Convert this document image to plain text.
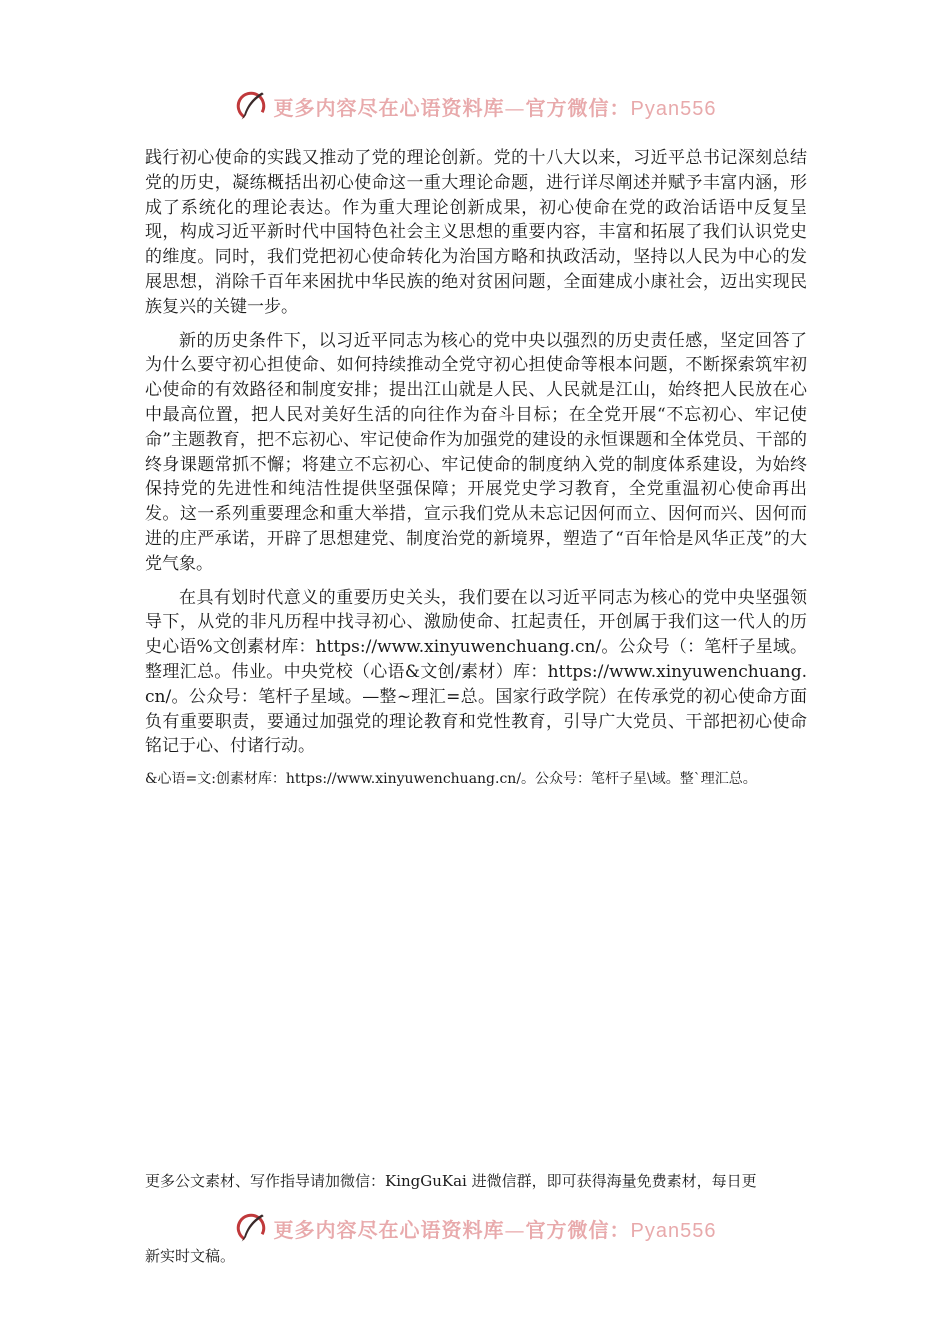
更多内容尽在心语资料库—官方微信：Pyan556

践行初心使命的实践又推动了党的理论创新。党的十八大以来，习近平总书记深刻总结党的历史，凝练概括出初心使命这一重大理论命题，进行详尽阐述并赋予丰富内涵，形成了系统化的理论表达。作为重大理论创新成果，初心使命在党的政治话语中反复呈现，构成习近平新时代中国特色社会主义思想的重要内容，丰富和拓展了我们认识党史的维度。同时，我们党把初心使命转化为治国方略和执政活动，坚持以人民为中心的发展思想，消除千百年来困扰中华民族的绝对贫困问题，全面建成小康社会，迈出实现民族复兴的关键一步。

新的历史条件下，以习近平同志为核心的党中央以强烈的历史责任感，坚定回答了为什么要守初心担使命、如何持续推动全党守初心担使命等根本问题，不断探索筑牢初心使命的有效路径和制度安排；提出江山就是人民、人民就是江山，始终把人民放在心中最高位置，把人民对美好生活的向往作为奋斗目标；在全党开展“不忘初心、牢记使命”主题教育，把不忘初心、牢记使命作为加强党的建设的永恒课题和全体党员、干部的终身课题常抓不懈；将建立不忘初心、牢记使命的制度纳入党的制度体系建设，为始终保持党的先进性和纯洁性提供坚强保障；开展党史学习教育，全党重温初心使命再出发。这一系列重要理念和重大举措，宣示我们党从未忘记因何而立、因何而兴、因何而进的庄严承诺，开辟了思想建党、制度治党的新境界，塑造了“百年恰是风华正茂”的大党气象。

在具有划时代意义的重要历史关头，我们要在以习近平同志为核心的党中央坚强领导下，从党的非凡历程中找寻初心、激励使命、扛起责任，开创属于我们这一代人的历史心语%文创素材库：https://www.xinyuwenchuang.cn/。公众号（：笔杆子星域。整理汇总。伟业。中央党校（心语&文创/素材）库：https://www.xinyuwenchuang.cn/。公众号：笔杆子星域。—整~理汇=总。国家行政学院）在传承党的初心使命方面负有重要职责，要通过加强党的理论教育和党性教育，引导广大党员、干部把初心使命铭记于心、付诸行动。

&心语=文:创素材库：https://www.xinyuwenchuang.cn/。公众号：笔杆子星\域。整`理汇总。

更多公文素材、写作指导请加微信：KingGuKai 进微信群，即可获得海量免费素材，每日更
更多内容尽在心语资料库—官方微信：Pyan556
新实时文稿。
